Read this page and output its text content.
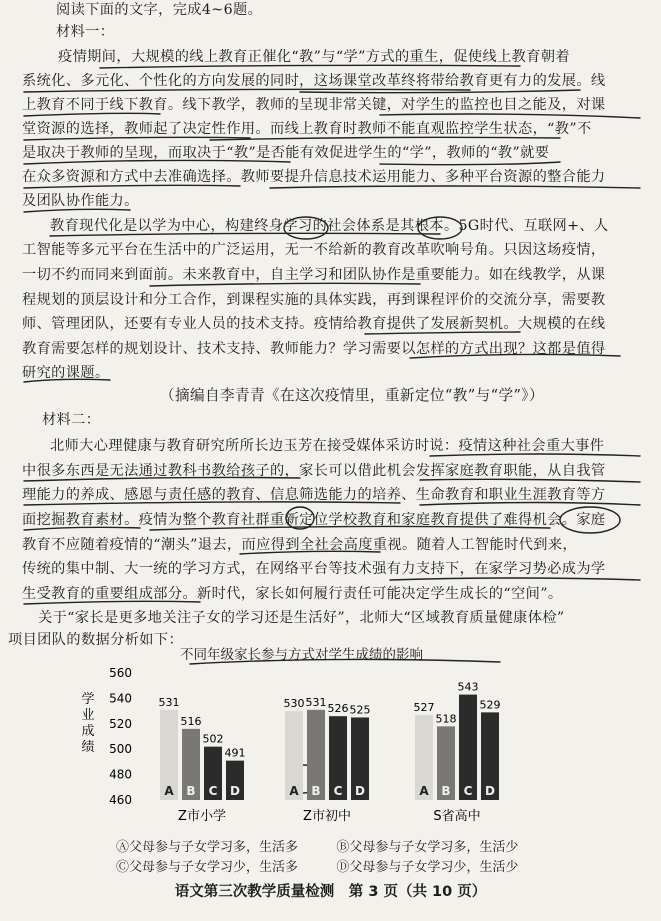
阅读下面的文字，完成4~6题。
材料一：
疫情期间，大规模的线上教育正催化“教”与“学”方式的重生，促使线上教育朝着
系统化、多元化、个性化的方向发展的同时，这场课堂改革终将带给教育更有力的发展。线
上教育不同于线下教育。线下教学，教师的呈现非常关键，对学生的监控也目之能及，对课
堂资源的选择，教师起了决定性作用。而线上教育时教师不能直观监控学生状态，“教”不
是取决于教师的呈现，而取决于“教”是否能有效促进学生的“学”，教师的“教”就要
在众多资源和方式中去准确选择。教师要提升信息技术运用能力、多种平台资源的整合能力
及团队协作能力。
教育现代化是以学为中心，构建终身学习的社会体系是其根本。5G时代、互联网+、人
工智能等多元平台在生活中的广泛运用，无一不给新的教育改革吹响号角。只因这场疫情，
一切不约而同来到面前。未来教育中，自主学习和团队协作是重要能力。如在线教学，从课
程规划的顶层设计和分工合作，到课程实施的具体实践，再到课程评价的交流分享，需要教
师、管理团队，还要有专业人员的技术支持。疫情给教育提供了发展新契机。大规模的在线
教育需要怎样的规划设计、技术支持、教师能力？学习需要以怎样的方式出现？这都是值得
研究的课题。
（摘编自李青青《在这次疫情里，重新定位“教”与“学”》）
材料二：
北师大心理健康与教育研究所所长边玉芳在接受媒体采访时说：疫情这种社会重大事件
中很多东西是无法通过教科书教给孩子的，家长可以借此机会发挥家庭教育职能，从自我管
理能力的养成、感恩与责任感的教育、信息筛选能力的培养、生命教育和职业生涯教育等方
面挖掘教育素材。疫情为整个教育社群重新定位学校教育和家庭教育提供了难得机会。家庭
教育不应随着疫情的“潮头”退去，而应得到全社会高度重视。随着人工智能时代到来，
传统的集中制、大一统的学习方式，在网络平台等技术强有力支持下，在家学习势必成为学
生受教育的重要组成部分。新时代，家长如何履行责任可能决定学生成长的“空间”。
关于“家长是更多地关注子女的学习还是生活好”，北师大“区域教育质量健康体检”
项目团队的数据分析如下：
不同年级家长参与方式对学生成绩的影响
460
480
500
520
540
560
学
业
成
绩
531
A
516
B
502
C
491
D
Z市小学
530
A
531
B
526
C
525
D
Z市初中
527
A
518
B
543
C
529
D
S省高中
Ⓐ父母参与子女学习多，生活多	Ⓑ父母参与子女学习多，生活少
Ⓒ父母参与子女学习少，生活多	Ⓓ父母参与子女学习少，生活少
语文第三次教学质量检测　第 3 页（共 10 页）
